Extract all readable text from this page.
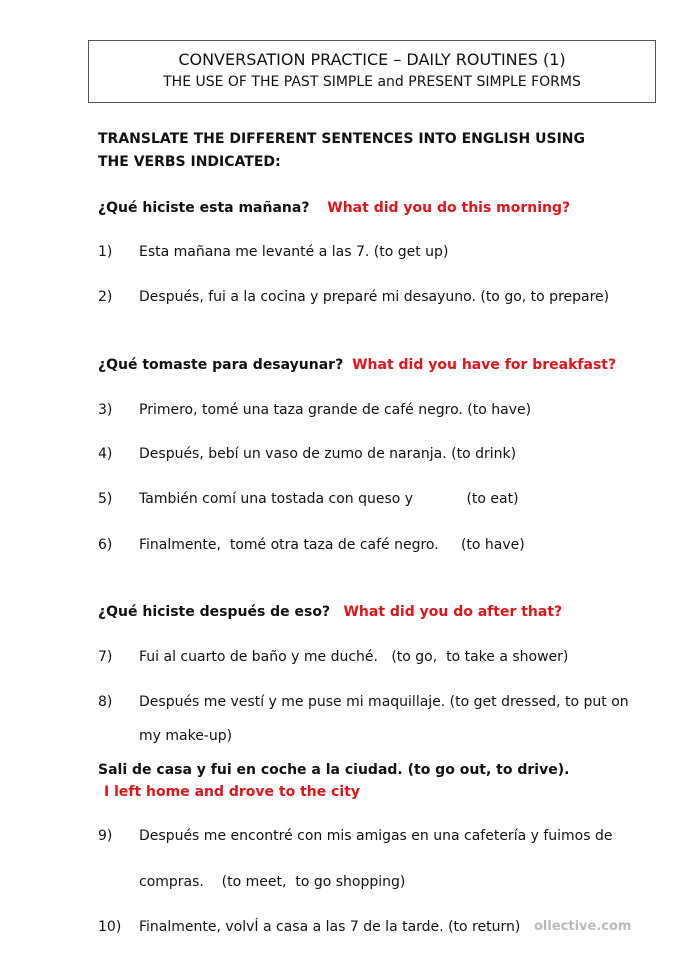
CONVERSATION PRACTICE – DAILY ROUTINES (1)
THE USE OF THE PAST SIMPLE and PRESENT SIMPLE FORMS
TRANSLATE THE DIFFERENT SENTENCES INTO ENGLISH USING
THE VERBS INDICATED:
¿Qué hiciste esta mañana? What did you do this morning?
1) Esta mañana me levanté a las 7. (to get up)
2) Después, fui a la cocina y preparé mi desayuno. (to go, to prepare)
¿Qué tomaste para desayunar? What did you have for breakfast?
3) Primero, tomé una taza grande de café negro. (to have)
4) Después, bebí un vaso de zumo de naranja. (to drink)
5) También comí una tostada con queso y            (to eat)
6) Finalmente,  tomé otra taza de café negro.     (to have)
¿Qué hiciste después de eso? What did you do after that?
7) Fui al cuarto de baño y me duché.   (to go,  to take a shower)
8) Después me vestí y me puse mi maquillaje. (to get dressed, to put on
my make-up)
Sali de casa y fui en coche a la ciudad. (to go out, to drive).
I left home and drove to the city
9) Después me encontré con mis amigas en una cafetería y fuimos de
compras.    (to meet,  to go shopping)
10) Finalmente, volvÍ a casa a las 7 de la tarde. (to return) ollective.com
